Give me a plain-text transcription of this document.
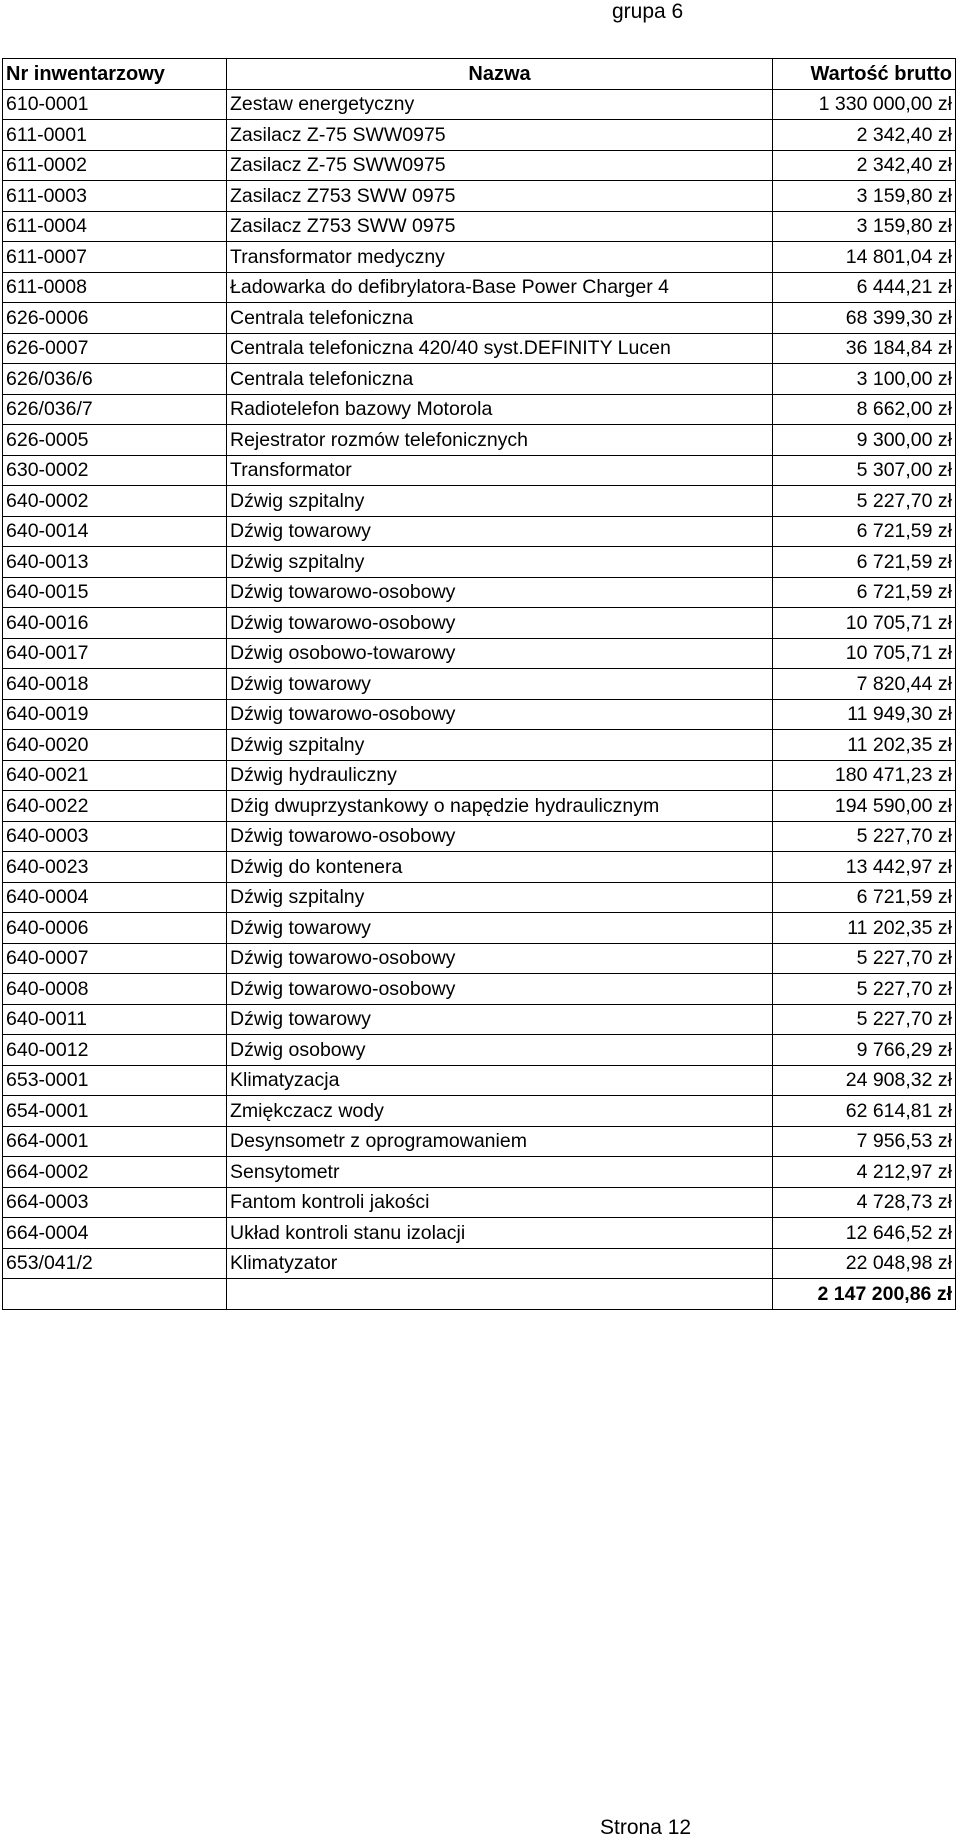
grupa 6
Nr inwentarzowy	Nazwa	Wartość brutto
610-0001	Zestaw energetyczny	1 330 000,00 zł
611-0001	Zasilacz Z-75 SWW0975	2 342,40 zł
611-0002	Zasilacz Z-75 SWW0975	2 342,40 zł
611-0003	Zasilacz Z753 SWW 0975	3 159,80 zł
611-0004	Zasilacz Z753 SWW 0975	3 159,80 zł
611-0007	Transformator medyczny	14 801,04 zł
611-0008	Ładowarka do defibrylatora-Base Power Charger 4	6 444,21 zł
626-0006	Centrala telefoniczna	68 399,30 zł
626-0007	Centrala telefoniczna 420/40 syst.DEFINITY Lucen	36 184,84 zł
626/036/6	Centrala telefoniczna	3 100,00 zł
626/036/7	Radiotelefon bazowy Motorola	8 662,00 zł
626-0005	Rejestrator rozmów telefonicznych	9 300,00 zł
630-0002	Transformator	5 307,00 zł
640-0002	Dźwig szpitalny	5 227,70 zł
640-0014	Dźwig towarowy	6 721,59 zł
640-0013	Dźwig szpitalny	6 721,59 zł
640-0015	Dźwig towarowo-osobowy	6 721,59 zł
640-0016	Dźwig towarowo-osobowy	10 705,71 zł
640-0017	Dźwig osobowo-towarowy	10 705,71 zł
640-0018	Dźwig towarowy	7 820,44 zł
640-0019	Dźwig towarowo-osobowy	11 949,30 zł
640-0020	Dźwig szpitalny	11 202,35 zł
640-0021	Dźwig hydrauliczny	180 471,23 zł
640-0022	Dźig dwuprzystankowy o napędzie hydraulicznym	194 590,00 zł
640-0003	Dźwig towarowo-osobowy	5 227,70 zł
640-0023	Dźwig do kontenera	13 442,97 zł
640-0004	Dźwig szpitalny	6 721,59 zł
640-0006	Dźwig towarowy	11 202,35 zł
640-0007	Dźwig towarowo-osobowy	5 227,70 zł
640-0008	Dźwig towarowo-osobowy	5 227,70 zł
640-0011	Dźwig towarowy	5 227,70 zł
640-0012	Dźwig osobowy	9 766,29 zł
653-0001	Klimatyzacja	24 908,32 zł
654-0001	Zmiękczacz wody	62 614,81 zł
664-0001	Desynsometr z oprogramowaniem	7 956,53 zł
664-0002	Sensytometr	4 212,97 zł
664-0003	Fantom kontroli jakości	4 728,73 zł
664-0004	Układ kontroli stanu izolacji	12 646,52 zł
653/041/2	Klimatyzator	22 048,98 zł
		2 147 200,86 zł
Strona 12
